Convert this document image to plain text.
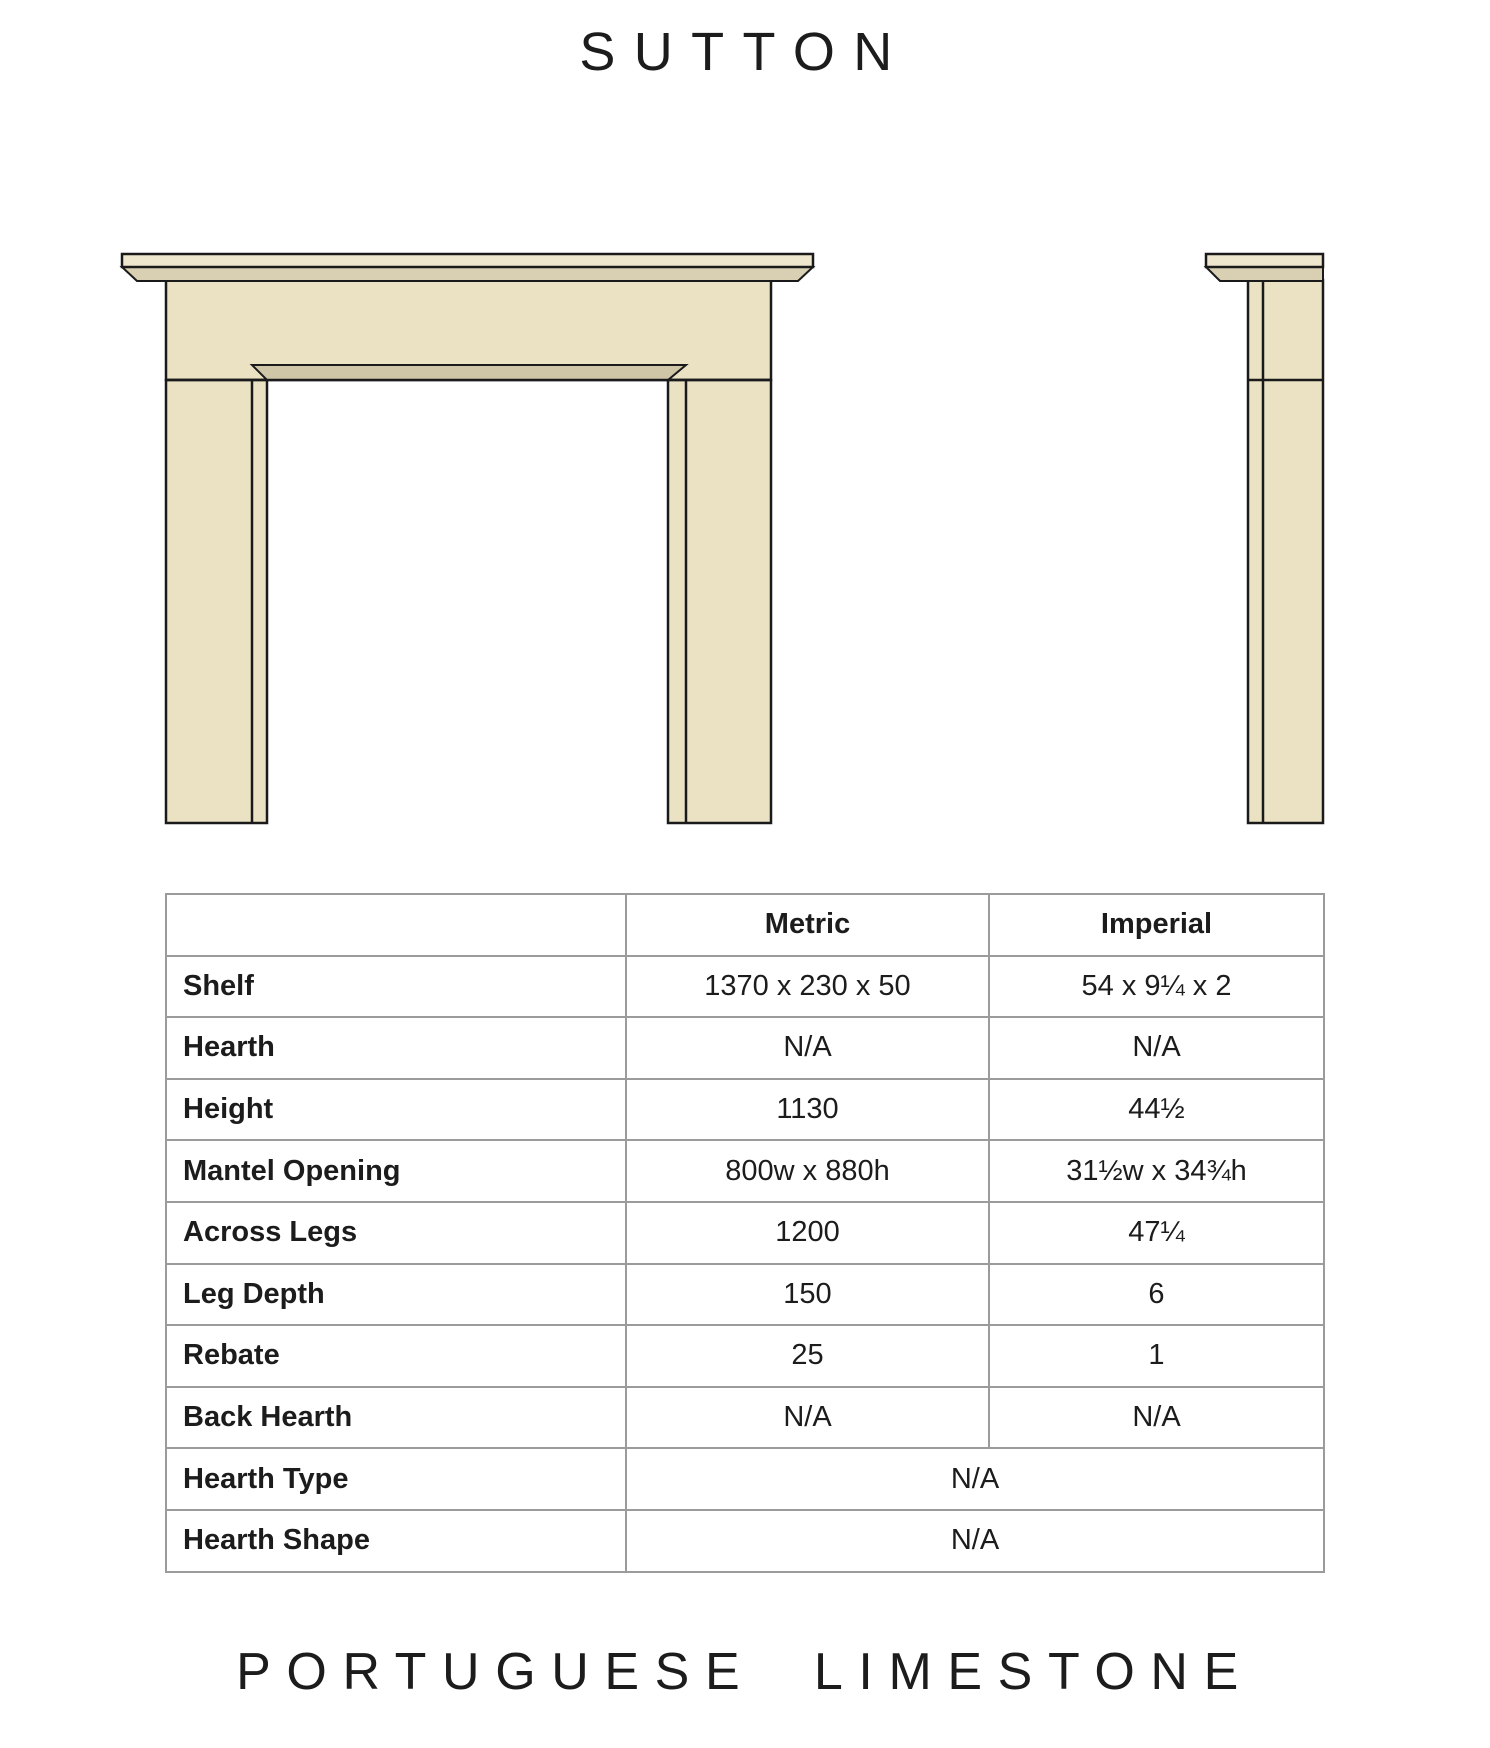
SUTTON
	Metric	Imperial
Shelf	1370 x 230 x 50	54 x 9¼ x 2
Hearth	N/A	N/A
Height	1130	44½
Mantel Opening	800w x 880h	31½w x 34¾h
Across Legs	1200	47¼
Leg Depth	150	6
Rebate	25	1
Back Hearth	N/A	N/A
Hearth Type	N/A	
Hearth Shape	N/A	
PORTUGUESE LIMESTONE
